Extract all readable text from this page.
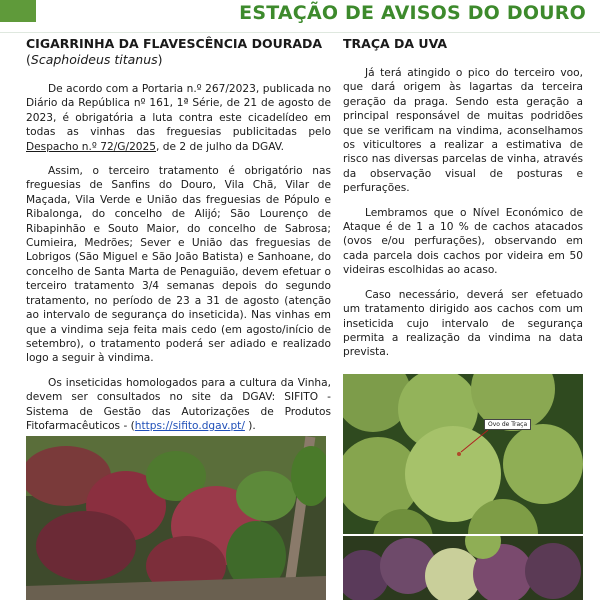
ESTAÇÃO DE AVISOS DO DOURO
CIGARRINHA DA FLAVESCÊNCIA DOURADA
(Scaphoideus titanus)

De acordo com a Portaria n.º 267/2023, publicada no Diário da República nº 161, 1ª Série, de 21 de agosto de 2023, é obrigatória a luta contra este cicadelídeo em todas as vinhas das freguesias publicitadas pelo Despacho n.º 72/G/2025, de 2 de julho da DGAV.

Assim, o terceiro tratamento é obrigatório nas freguesias de Sanfins do Douro, Vila Chã, Vilar de Maçada, Vila Verde e União das freguesias de Pópulo e Ribalonga, do concelho de Alijó; São Lourenço de Ribapinhão e Souto Maior, do concelho de Sabrosa; Cumieira, Medrões; Sever e União das freguesias de Lobrigos (São Miguel e São João Batista) e Sanhoane, do concelho de Santa Marta de Penaguião, devem efetuar o terceiro tratamento 3/4 semanas depois do segundo tratamento, no período de 23 a 31 de agosto (atenção ao intervalo de segurança do inseticida). Nas vinhas em que a vindima seja feita mais cedo (em agosto/início de setembro), o tratamento poderá ser adiado e realizado logo a seguir à vindima.

Os inseticidas homologados para a cultura da Vinha, devem ser consultados no site da DGAV: SIFITO - Sistema de Gestão das Autorizações de Produtos Fitofarmacêuticos - (https://sifito.dgav.pt/ ).

TRAÇA DA UVA

Já terá atingido o pico do terceiro voo, que dará origem às lagartas da terceira geração da praga. Sendo esta geração a principal responsável de muitas podridões que se verificam na vindima, aconselhamos os viticultores a realizar a estimativa de risco nas diversas parcelas de vinha, através da observação visual de posturas e perfurações.

Lembramos que o Nível Económico de Ataque é de 1 a 10 % de cachos atacados (ovos e/ou perfurações), observando em cada parcela dois cachos por videira em 50 videiras escolhidas ao acaso.

Caso necessário, deverá ser efetuado um tratamento dirigido aos cachos com um inseticida cujo intervalo de segurança permita a realização da vindima na data prevista.

Ovo de Traça
